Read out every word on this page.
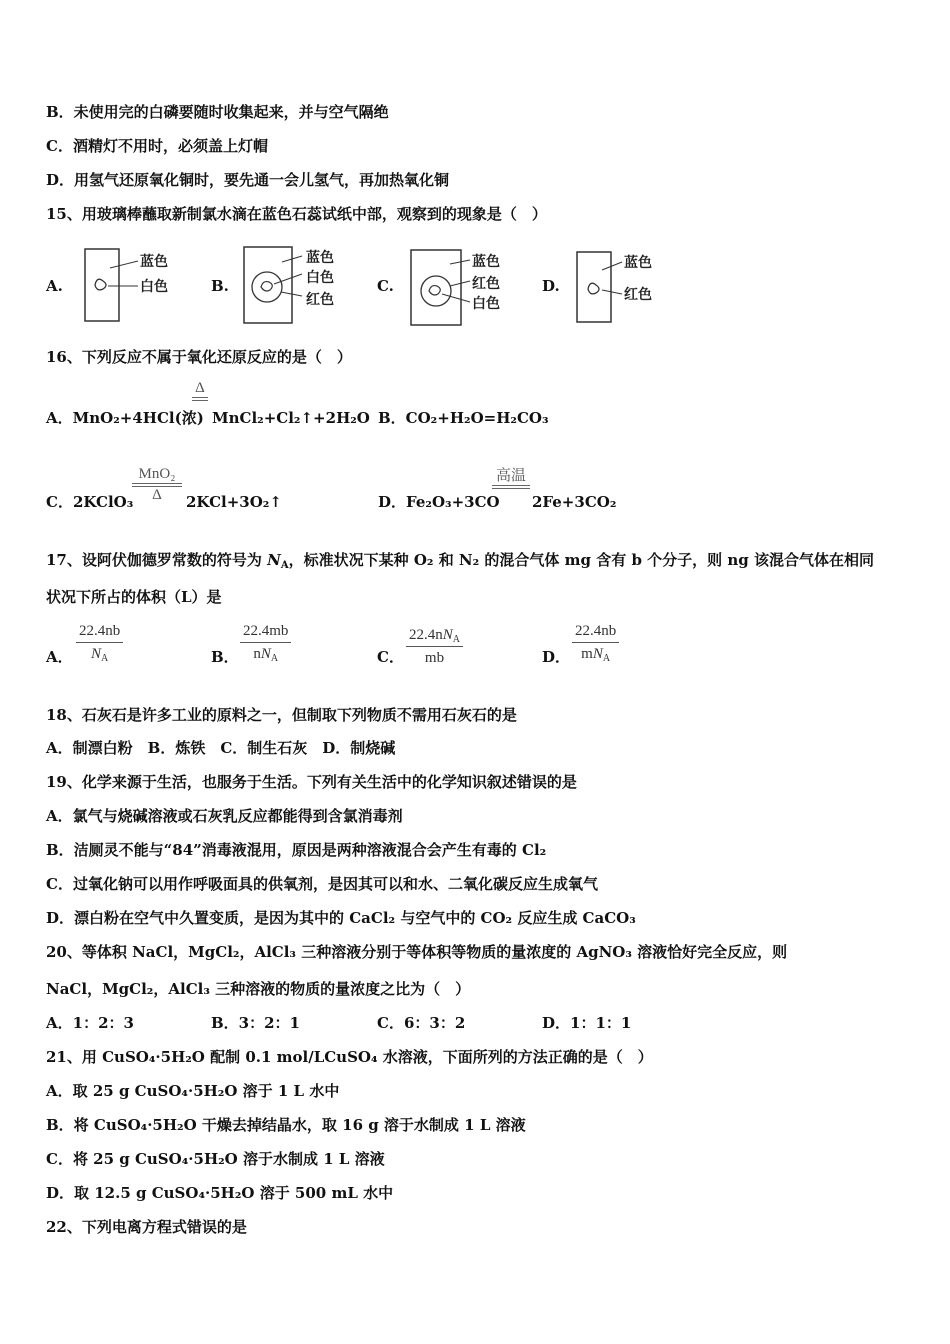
B．未使用完的白磷要随时收集起来，并与空气隔绝
C．酒精灯不用时，必须盖上灯帽
D．用氢气还原氧化铜时，要先通一会儿氢气，再加热氧化铜
15、用玻璃棒蘸取新制氯水滴在蓝色石蕊试纸中部，观察到的现象是（　）
A.
蓝色
白色	B.
蓝色
白色
红色
C.
蓝色
红色
白色
D.
蓝色
红色
16、下列反应不属于氧化还原反应的是（　）
A．MnO₂+4HCl(浓)
Δ
MnCl₂+Cl₂↑+2H₂O B．CO₂+H₂O=H₂CO₃
C．2KClO₃
MnO₂
Δ	2KCl+3O₂↑	D．Fe₂O₃+3CO
高温
2Fe+3CO₂
17、设阿伏伽德罗常数的符号为 $N_A$，标准状况下某种 O₂ 和 N₂ 的混合气体 mg 含有 b 个分子，则 ng 该混合气体在相同
状况下所占的体积（L）是
A．
22.4nb
$N_A$	B．
22.4mb
$nN_A$	C．
$22.4nN_A$
mb	D．
22.4nb
$mN_A$
18、石灰石是许多工业的原料之一，但制取下列物质不需用石灰石的是
A．制漂白粉　B．炼铁　C．制生石灰　D．制烧碱
19、化学来源于生活，也服务于生活。下列有关生活中的化学知识叙述错误的是
A．氯气与烧碱溶液或石灰乳反应都能得到含氯消毒剂
B．洁厕灵不能与“84”消毒液混用，原因是两种溶液混合会产生有毒的 Cl₂
C．过氧化钠可以用作呼吸面具的供氧剂，是因其可以和水、二氧化碳反应生成氧气
D．漂白粉在空气中久置变质，是因为其中的 CaCl₂ 与空气中的 CO₂ 反应生成 CaCO₃
20、等体积 NaCl，MgCl₂，AlCl₃ 三种溶液分别于等体积等物质的量浓度的 AgNO₃ 溶液恰好完全反应，则
NaCl，MgCl₂，AlCl₃ 三种溶液的物质的量浓度之比为（　）
A．1：2：3	B．3：2：1	C．6：3：2	D．1：1：1
21、用 CuSO₄·5H₂O 配制 0.1 mol/LCuSO₄ 水溶液，下面所列的方法正确的是（　）
A．取 25 g CuSO₄·5H₂O 溶于 1 L 水中
B．将 CuSO₄·5H₂O 干燥去掉结晶水，取 16 g 溶于水制成 1 L 溶液
C．将 25 g CuSO₄·5H₂O 溶于水制成 1 L 溶液
D．取 12.5 g CuSO₄·5H₂O 溶于 500 mL 水中
22、下列电离方程式错误的是
